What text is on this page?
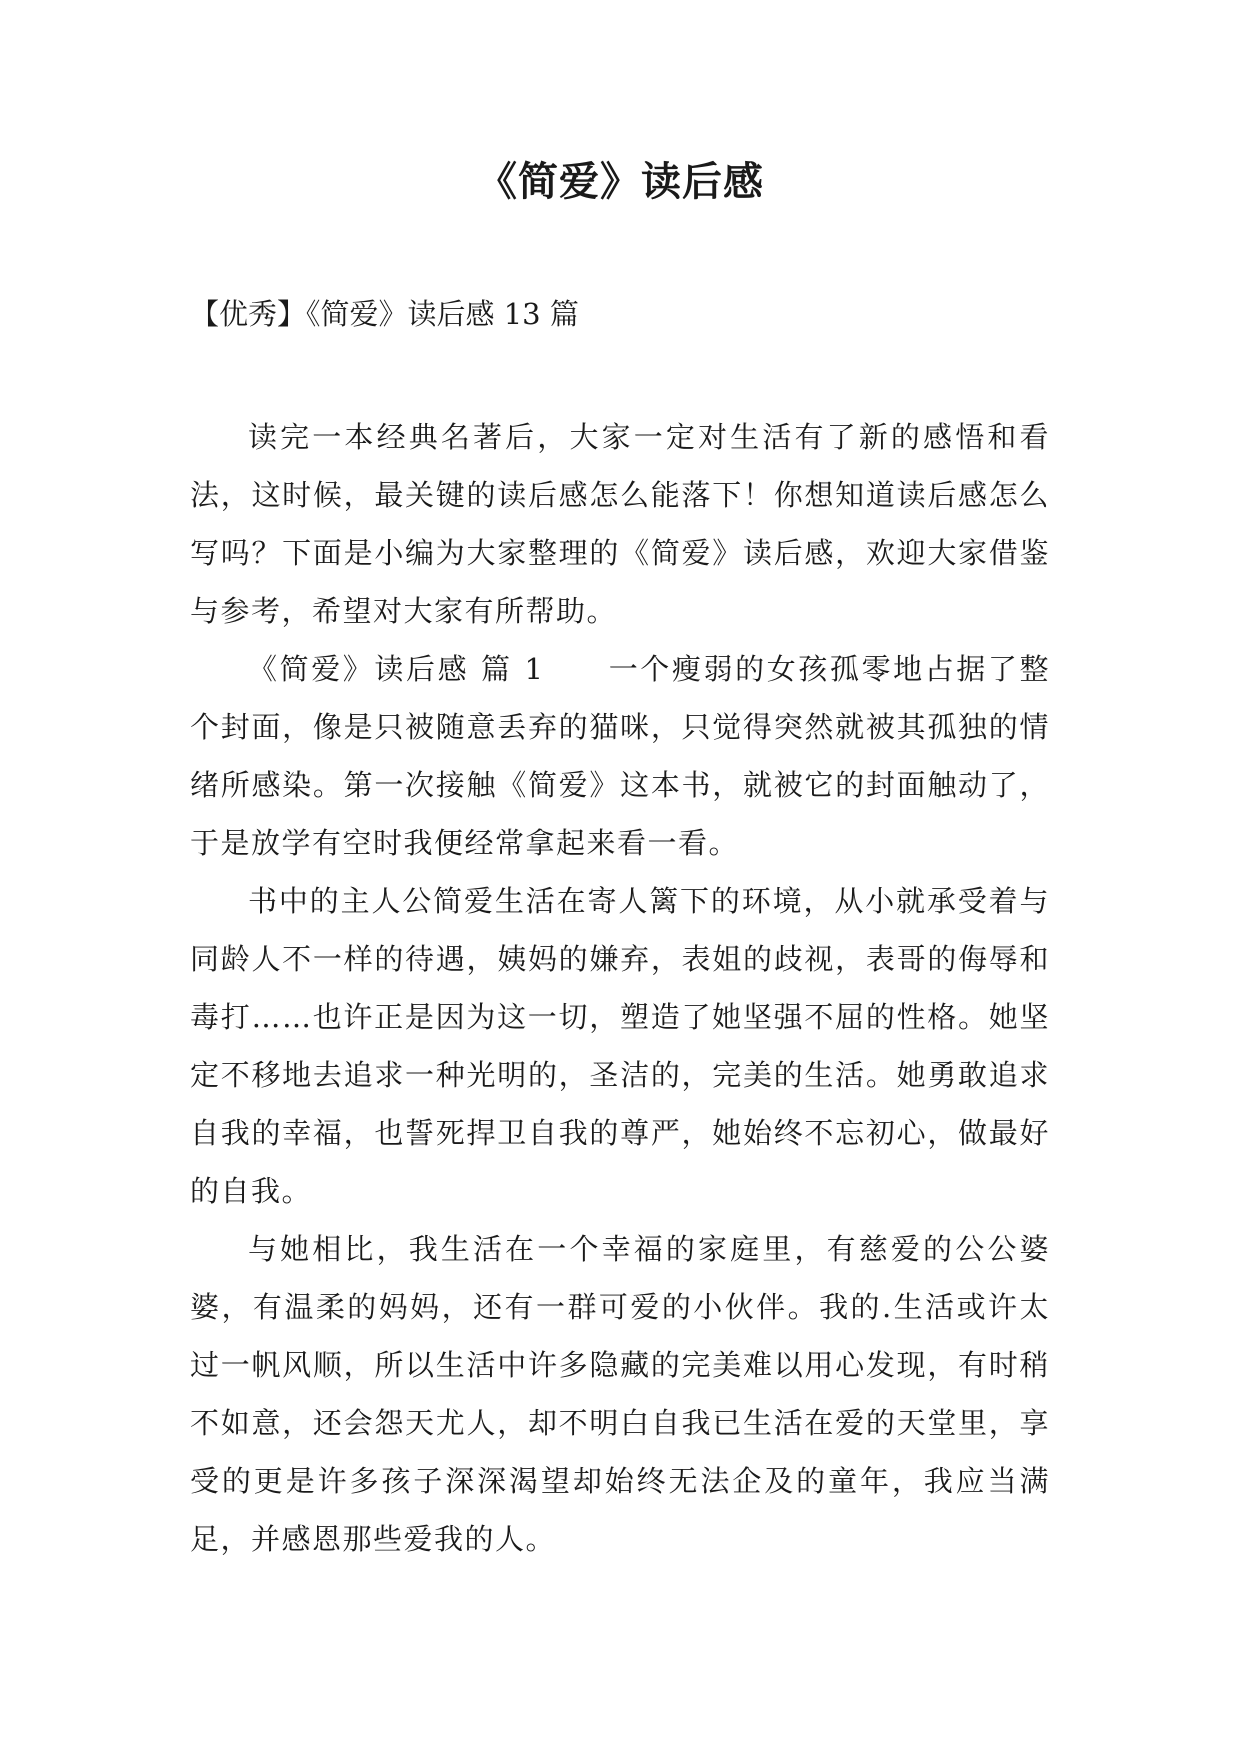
《简爱》读后感

【优秀】《简爱》读后感 13 篇

读完一本经典名著后，大家一定对生活有了新的感悟和看法，这时候，最关键的读后感怎么能落下！你想知道读后感怎么写吗？下面是小编为大家整理的《简爱》读后感，欢迎大家借鉴与参考，希望对大家有所帮助。

《简爱》读后感 篇 1　　一个瘦弱的女孩孤零地占据了整个封面，像是只被随意丢弃的猫咪，只觉得突然就被其孤独的情绪所感染。第一次接触《简爱》这本书，就被它的封面触动了，于是放学有空时我便经常拿起来看一看。

书中的主人公简爱生活在寄人篱下的环境，从小就承受着与同龄人不一样的待遇，姨妈的嫌弃，表姐的歧视，表哥的侮辱和毒打……也许正是因为这一切，塑造了她坚强不屈的性格。她坚定不移地去追求一种光明的，圣洁的，完美的生活。她勇敢追求自我的幸福，也誓死捍卫自我的尊严，她始终不忘初心，做最好的自我。

与她相比，我生活在一个幸福的家庭里，有慈爱的公公婆婆，有温柔的妈妈，还有一群可爱的小伙伴。我的.生活或许太过一帆风顺，所以生活中许多隐藏的完美难以用心发现，有时稍不如意，还会怨天尤人，却不明白自我已生活在爱的天堂里，享受的更是许多孩子深深渴望却始终无法企及的童年，我应当满足，并感恩那些爱我的人。
